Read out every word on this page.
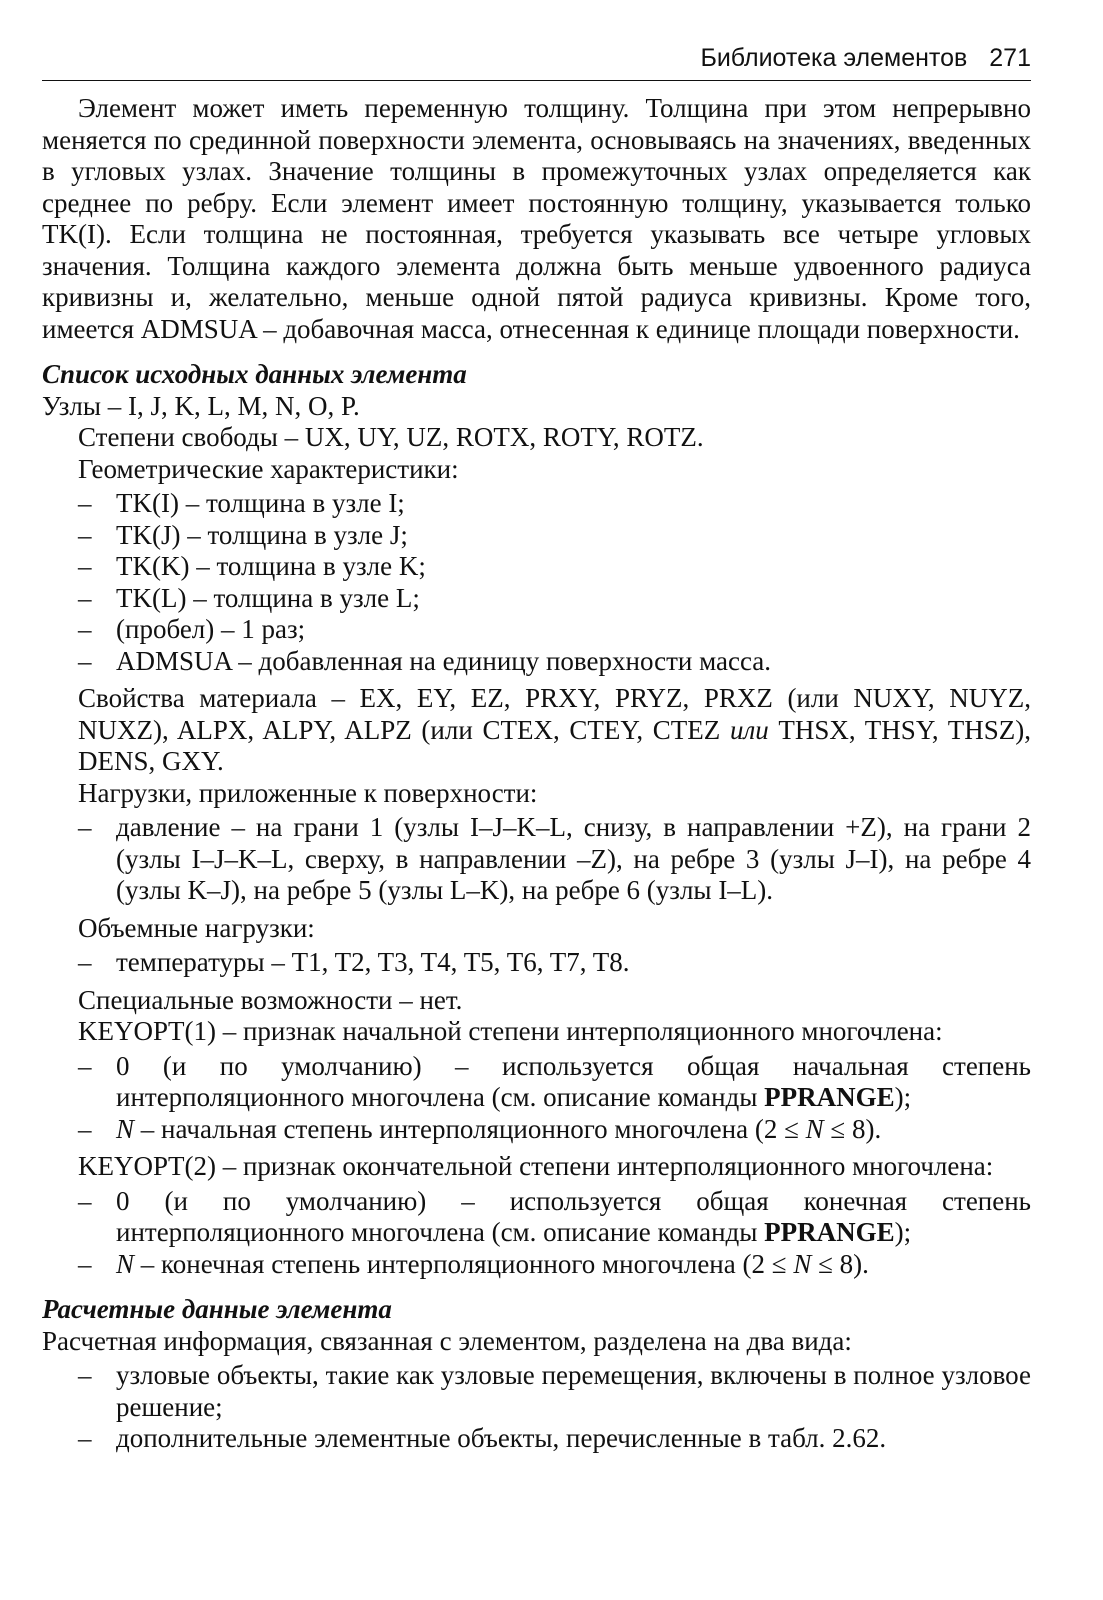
Библиотека элементов 271

Элемент может иметь переменную толщину. Толщина при этом непрерывно меняется по срединной поверхности элемента, основываясь на значениях, введенных в угловых узлах. Значение толщины в промежуточных узлах определяется как среднее по ребру. Если элемент имеет постоянную толщину, указывается только TK(I). Если толщина не постоянная, требуется указывать все четыре угловых значения. Толщина каждого элемента должна быть меньше удвоенного радиуса кривизны и, желательно, меньше одной пятой радиуса кривизны. Кроме того, имеется ADMSUA – добавочная масса, отнесенная к единице площади поверхности.

Список исходных данных элемента

Узлы – I, J, K, L, M, N, O, P.

Степени свободы – UX, UY, UZ, ROTX, ROTY, ROTZ.

Геометрические характеристики:

– TK(I) – толщина в узле I;
– TK(J) – толщина в узле J;
– TK(K) – толщина в узле K;
– TK(L) – толщина в узле L;
– (пробел) – 1 раз;
– ADMSUA – добавленная на единицу поверхности масса.

Свойства материала – EX, EY, EZ, PRXY, PRYZ, PRXZ (или NUXY, NUYZ, NUXZ), ALPX, ALPY, ALPZ (или CTEX, CTEY, CTEZ или THSX, THSY, THSZ), DENS, GXY.

Нагрузки, приложенные к поверхности:

– давление – на грани 1 (узлы I–J–K–L, снизу, в направлении +Z), на грани 2 (узлы I–J–K–L, сверху, в направлении –Z), на ребре 3 (узлы J–I), на ребре 4 (узлы K–J), на ребре 5 (узлы L–K), на ребре 6 (узлы I–L).

Объемные нагрузки:

– температуры – T1, T2, T3, T4, T5, T6, T7, T8.

Специальные возможности – нет.

KEYOPT(1) – признак начальной степени интерполяционного многочлена:

– 0 (и по умолчанию) – используется общая начальная степень интерполяционного многочлена (см. описание команды PPRANGE);
– N – начальная степень интерполяционного многочлена (2 ≤ N ≤ 8).

KEYOPT(2) – признак окончательной степени интерполяционного многочлена:

– 0 (и по умолчанию) – используется общая конечная степень интерполяционного многочлена (см. описание команды PPRANGE);
– N – конечная степень интерполяционного многочлена (2 ≤ N ≤ 8).

Расчетные данные элемента

Расчетная информация, связанная с элементом, разделена на два вида:

– узловые объекты, такие как узловые перемещения, включены в полное узловое решение;
– дополнительные элементные объекты, перечисленные в табл. 2.62.
